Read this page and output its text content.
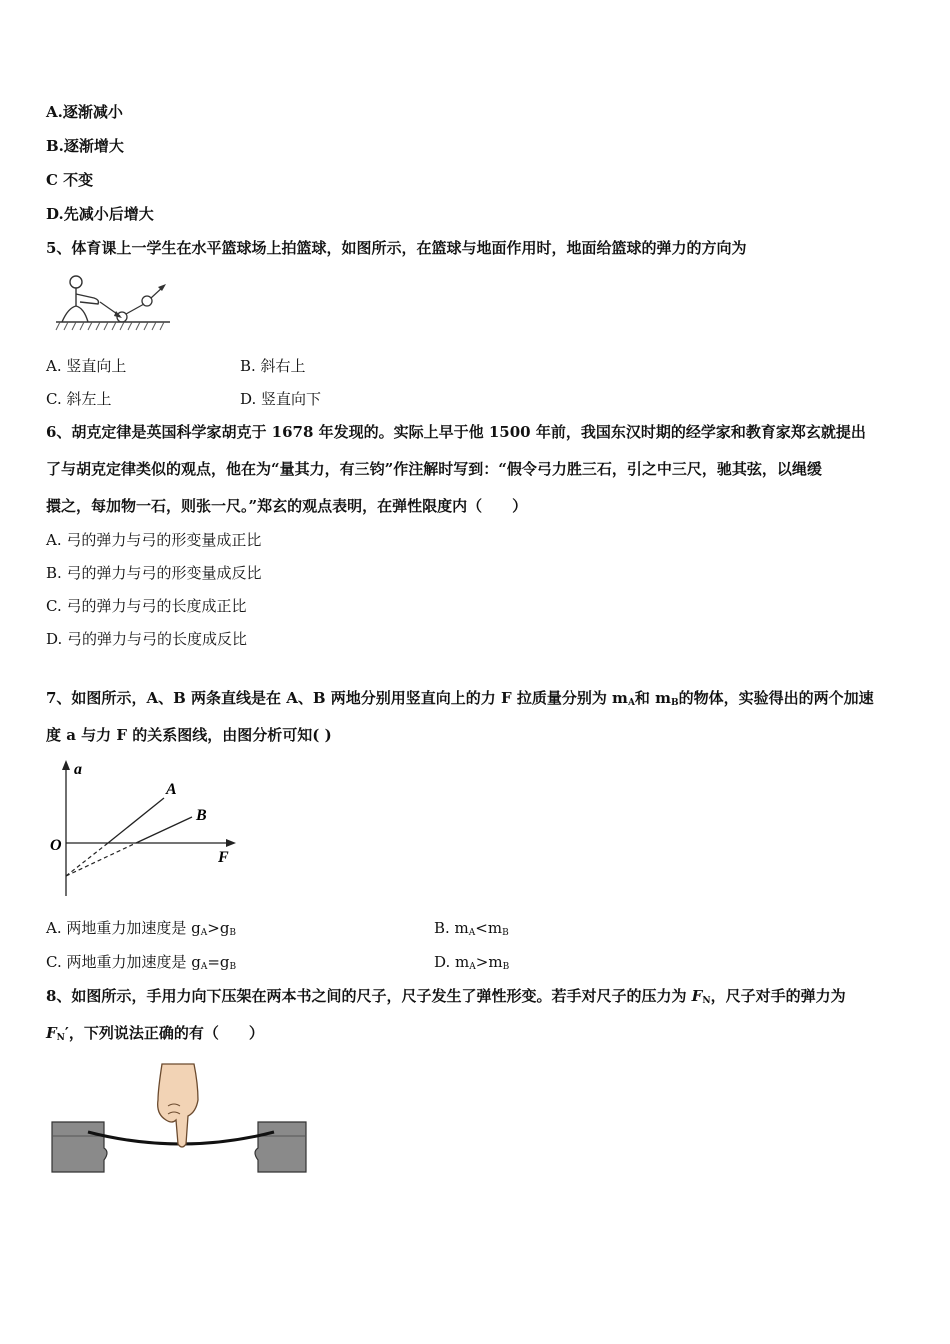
A.逐渐减小
B.逐渐增大
C 不变
D.先减小后增大
5、体育课上一学生在水平篮球场上拍篮球，如图所示，在篮球与地面作用时，地面给篮球的弹力的方向为
A. 竖直向上	B. 斜右上
C. 斜左上	D. 竖直向下
6、胡克定律是英国科学家胡克于 1678 年发现的。实际上早于他 1500 年前，我国东汉时期的经学家和教育家郑玄就提出
了与胡克定律类似的观点，他在为“量其力，有三钧”作注解时写到：“假令弓力胜三石，引之中三尺，驰其弦，以绳缓
擐之，每加物一石，则张一尺。”郑玄的观点表明，在弹性限度内（　　）
A. 弓的弹力与弓的形变量成正比
B. 弓的弹力与弓的形变量成反比
C. 弓的弹力与弓的长度成正比
D. 弓的弹力与弓的长度成反比
7、如图所示，A、B 两条直线是在 A、B 两地分别用竖直向上的力 F 拉质量分别为 $m_A$和 $m_B$的物体，实验得出的两个加速
度 a 与力 F 的关系图线，由图分析可知( )
a
F
O
A
B
A. 两地重力加速度是 $g_A>g_B$	B. $m_A<m_B$
C. 两地重力加速度是 $g_A=g_B$	D. $m_A>m_B$
8、如图所示，手用力向下压架在两本书之间的尺子，尺子发生了弹性形变。若手对尺子的压力为 $F_N$，尺子对手的弹力为
$F_N'$，下列说法正确的有（　　）
